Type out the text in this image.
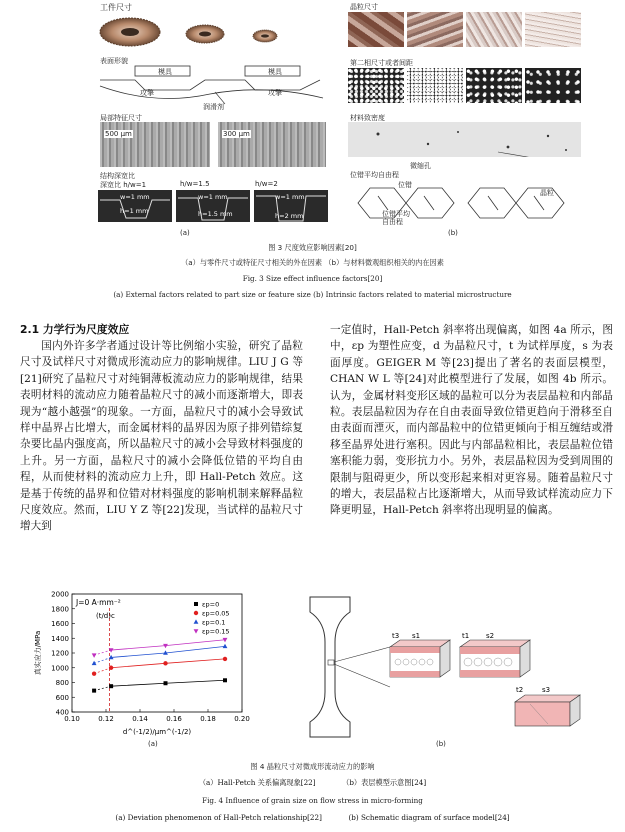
工件尺寸
表面形貌
模具	模具
攻擎	攻擎
润滑剂
局部特征尺寸
500 μm	300 μm
结构深宽比
深宽比 h/w=1	h/w=1.5	h/w=2
w=1 mm	w=1 mm	w=1 mm
h=1 mm	h=1.5 mm	h=2 mm
(a)
晶粒尺寸
第二相尺寸或者间距
材料致密度
微缩孔
位错平均自由程
位错
晶粒
位错平均
自由程
(b)
图 3 尺度效应影响因素[20]
（a）与零件尺寸或特征尺寸相关的外在因素 （b）与材料微观组织相关的内在因素
Fig. 3 Size effect influence factors[20]
(a) External factors related to part size or feature size (b) Intrinsic factors related to material microstructure
2.1 力学行为尺度效应

国内外许多学者通过设计等比例缩小实验，研究了晶粒尺寸及试样尺寸对微成形流动应力的影响规律。LIU J G 等[21]研究了晶粒尺寸对纯铜薄板流动应力的影响规律，结果表明材料的流动应力随着晶粒尺寸的减小而逐渐增大，即表现为“越小越强”的现象。一方面，晶粒尺寸的减小会导致试样中晶界占比增大，而金属材料的晶界因为原子排列错综复杂要比晶内强度高，所以晶粒尺寸的减小会导致材料强度的上升。另一方面，晶粒尺寸的减小会降低位错的平均自由程，从而使材料的流动应力上升，即 Hall-Petch 效应。这是基于传统的晶界和位错对材料强度的影响机制来解释晶粒尺度效应。然而，LIU Y Z 等[22]发现，当试样的晶粒尺寸增大到

一定值时，Hall-Petch 斜率将出现偏离，如图 4a 所示，图中，εp 为塑性应变，d 为晶粒尺寸，t 为试样厚度，s 为表面厚度。GEIGER M 等[23]提出了著名的表面层模型，CHAN W L 等[24]对此模型进行了发展，如图 4b 所示。认为，金属材料变形区域的晶粒可以分为表层晶粒和内部晶粒。表层晶粒因为存在自由表面导致位错更趋向于滑移至自由表面而湮灭，而内部晶粒中的位错更倾向于相互缠结或滑移至晶界处进行塞积。因此与内部晶粒相比，表层晶粒位错塞积能力弱，变形抗力小。另外，表层晶粒因为受到周围的限制与阻碍更少，所以变形起来相对更容易。随着晶粒尺寸的增大，表层晶粒占比逐渐增大，从而导致试样流动应力下降更明显，Hall-Petch 斜率将出现明显的偏离。

0.10	0.12	0.14	0.16	0.18	0.20
400
600
800
1000
1200
1400
1600
1800
2000
d^(-1/2)/μm^(-1/2)
真实应力/MPa
J=0 A·mm⁻²
(t/d)c
εp=0
εp=0.05
εp=0.1
εp=0.15
(a)
t3 s1	t1 s2
t2	s3
(b)
图 4 晶粒尺寸对微成形流动应力的影响
（a）Hall-Petch 关系偏离现象[22]	（b）表层模型示意图[24]
Fig. 4 Influence of grain size on flow stress in micro-forming
(a) Deviation phenomenon of Hall-Petch relationship[22]	(b) Schematic diagram of surface model[24]
